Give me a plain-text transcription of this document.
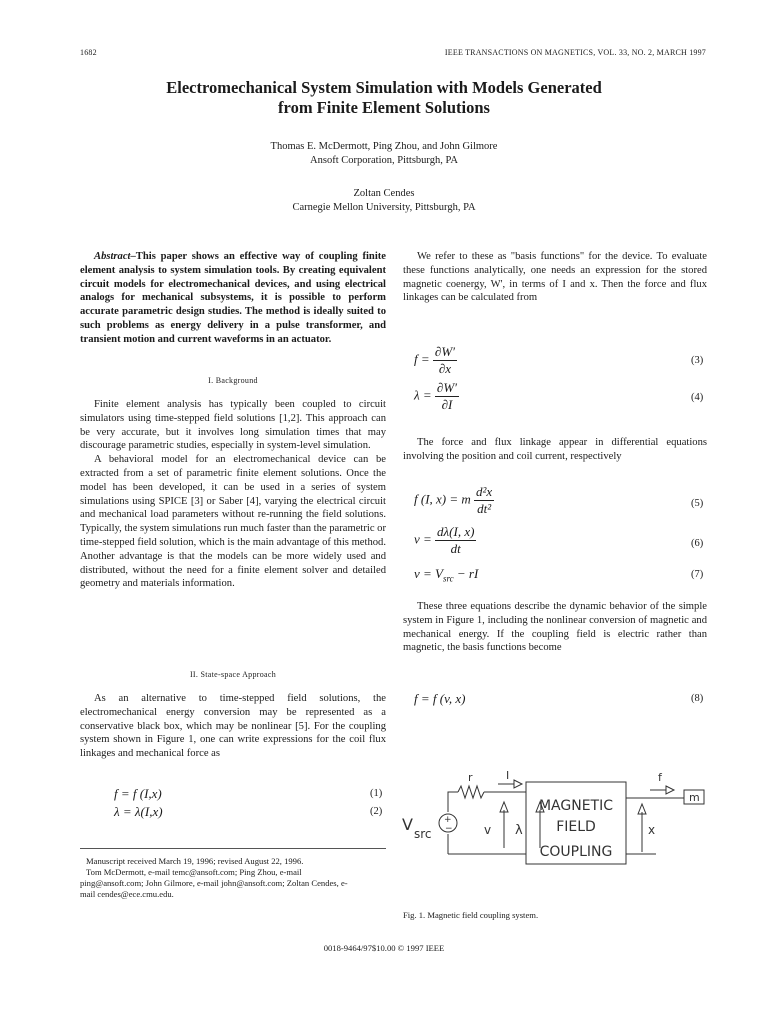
1682	IEEE TRANSACTIONS ON MAGNETICS, VOL. 33, NO. 2, MARCH 1997
Electromechanical System Simulation with Models Generated
from Finite Element Solutions
Thomas E. McDermott, Ping Zhou, and John Gilmore
Ansoft Corporation, Pittsburgh, PA
Zoltan Cendes
Carnegie Mellon University, Pittsburgh, PA

Abstract–This paper shows an effective way of coupling finite element analysis to system simulation tools. By creating equivalent circuit models for electromechanical devices, and using electrical analogs for mechanical subsystems, it is possible to perform accurate parametric design studies. The method is ideally suited to such problems as energy delivery in a pulse transformer, and transient motion and current waveforms in an actuator.

I. Background

Finite element analysis has typically been coupled to circuit simulators using time-stepped field solutions [1,2]. This approach can be very accurate, but it involves long simulation times that may discourage parametric studies, especially in system-level simulation.

A behavioral model for an electromechanical device can be extracted from a set of parametric finite element solutions. Once the model has been developed, it can be used in a series of system simulations using SPICE [3] or Saber [4], varying the electrical circuit and mechanical load parameters without re-running the field solutions. Typically, the system simulations run much faster than the parametric or time-stepped field solution, which is the main advantage of this method. Another advantage is that the models can be more widely used and distributed, without the need for a finite element solver and detailed geometry and materials information.

II. State-space Approach

As an alternative to time-stepped field solutions, the electromechanical energy conversion may be represented as a conservative black box, which may be nonlinear [5]. For the coupling system shown in Figure 1, one can write expressions for the coil flux linkages and mechanical force as

f = f (I,x)	(1)
λ = λ(I,x)	(2)
Manuscript received March 19, 1996; revised August 22, 1996.
Tom McDermott, e-mail temc@ansoft.com; Ping Zhou, e-mail
ping@ansoft.com; John Gilmore, e-mail john@ansoft.com; Zoltan Cendes, e-
mail cendes@ece.cmu.edu.

We refer to these as "basis functions" for the device. To evaluate these functions analytically, one needs an expression for the stored magnetic coenergy, W', in terms of I and x. Then the force and flux linkages can be calculated from

$f = \frac{\partial W'}{\partial x}$	(3)
$\lambda = \frac{\partial W'}{\partial I}$	(4)

The force and flux linkage appear in differential equations involving the position and coil current, respectively

f (I, x) = m $\frac{\text{d²x}}{\text{dt²}}$	(5)
$v = \frac{d\lambda(I, x)}{dt}$	(6)
$v = V_{src}$ − rI	(7)

These three equations describe the dynamic behavior of the simple system in Figure 1, including the nonlinear conversion of magnetic and mechanical energy. If the coupling field is electric rather than magnetic, the basis functions become

f = f (v, x)	(8)
r	I	f
m
v λ	x
V src
+
−
MAGNETIC
FIELD
COUPLING
Fig. 1. Magnetic field coupling system.
0018-9464/97$10.00 © 1997 IEEE
